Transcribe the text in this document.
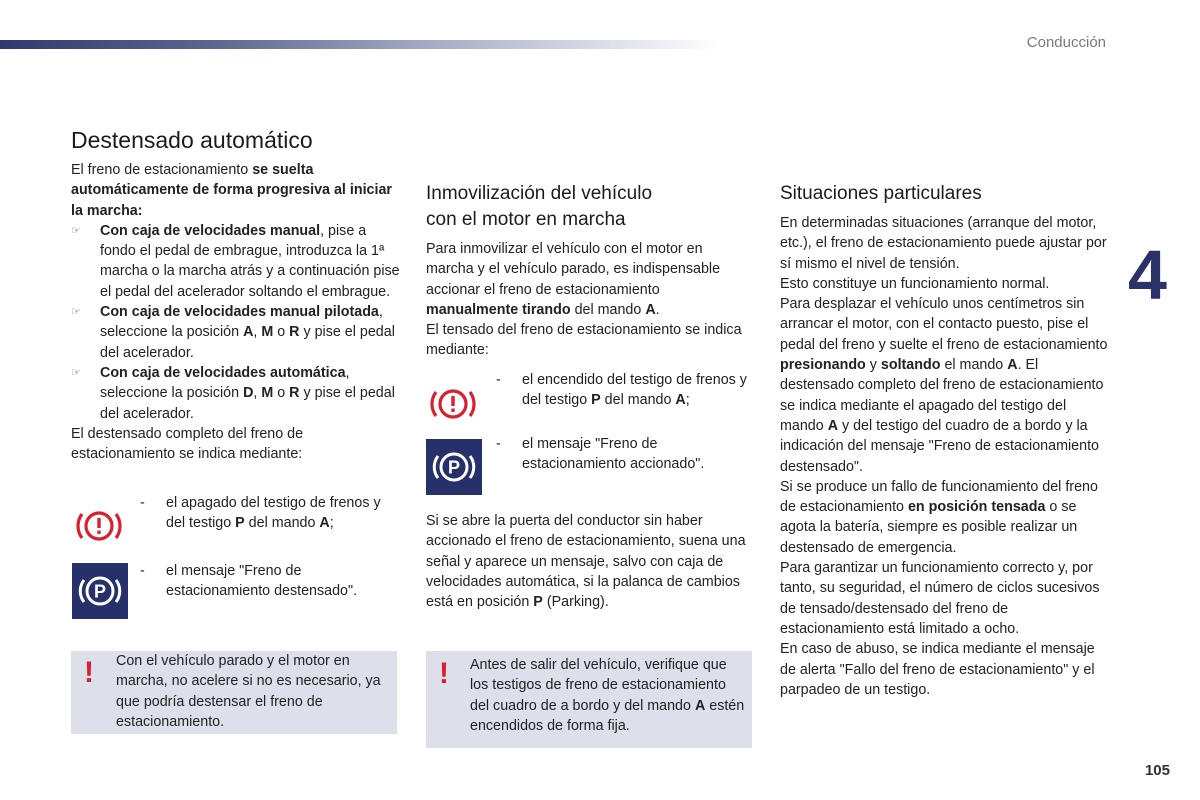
Conducción
4
105
Destensado automático

El freno de estacionamiento se suelta automáticamente de forma progresiva al iniciar la marcha:

☞ Con caja de velocidades manual, pise a fondo el pedal de embrague, introduzca la 1ª marcha o la marcha atrás y a continuación pise el pedal del acelerador soltando el embrague.
☞ Con caja de velocidades manual pilotada, seleccione la posición A, M o R y pise el pedal del acelerador.
☞ Con caja de velocidades automática, seleccione la posición D, M o R y pise el pedal del acelerador.

El destensado completo del freno de estacionamiento se indica mediante:

-	el apagado del testigo de frenos y del testigo P del mando A;
P
-	el mensaje "Freno de estacionamiento destensado".
! Con el vehículo parado y el motor en marcha, no acelere si no es necesario, ya que podría destensar el freno de estacionamiento.
Inmovilización del vehículo
con el motor en marcha

Para inmovilizar el vehículo con el motor en marcha y el vehículo parado, es indispensable accionar el freno de estacionamiento manualmente tirando del mando A.

El tensado del freno de estacionamiento se indica mediante:

-	el encendido del testigo de frenos y del testigo P del mando A;
P
-	el mensaje "Freno de estacionamiento accionado".

Si se abre la puerta del conductor sin haber accionado el freno de estacionamiento, suena una señal y aparece un mensaje, salvo con caja de velocidades automática, si la palanca de cambios está en posición P (Parking).

! Antes de salir del vehículo, verifique que los testigos de freno de estacionamiento del cuadro de a bordo y del mando A estén encendidos de forma fija.
Situaciones particulares

En determinadas situaciones (arranque del motor, etc.), el freno de estacionamiento puede ajustar por sí mismo el nivel de tensión.

Esto constituye un funcionamiento normal.

Para desplazar el vehículo unos centímetros sin arrancar el motor, con el contacto puesto, pise el pedal del freno y suelte el freno de estacionamiento presionando y soltando el mando A. El destensado completo del freno de estacionamiento se indica mediante el apagado del testigo del mando A y del testigo del cuadro de a bordo y la indicación del mensaje "Freno de estacionamiento destensado".

Si se produce un fallo de funcionamiento del freno de estacionamiento en posición tensada o se agota la batería, siempre es posible realizar un destensado de emergencia.

Para garantizar un funcionamiento correcto y, por tanto, su seguridad, el número de ciclos sucesivos de tensado/destensado del freno de estacionamiento está limitado a ocho.

En caso de abuso, se indica mediante el mensaje de alerta "Fallo del freno de estacionamiento" y el parpadeo de un testigo.
